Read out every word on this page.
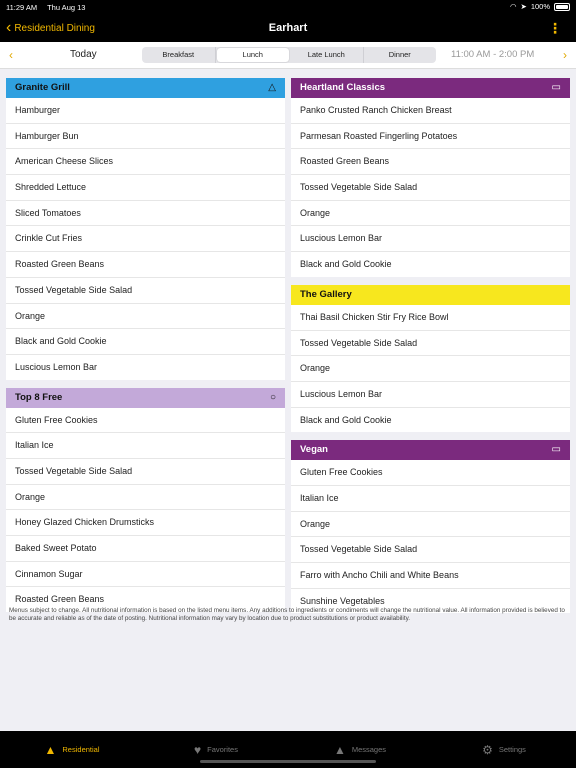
11:29 AM Thu Aug 13	◠ ➤ 100%
‹ Residential Dining	Earhart	⋮
‹	Today	Breakfast	Lunch	Late Lunch	Dinner	11:00 AM - 2:00 PM ›
Granite Grill	△
Hamburger
Hamburger Bun
American Cheese Slices
Shredded Lettuce
Sliced Tomatoes
Crinkle Cut Fries
Roasted Green Beans
Tossed Vegetable Side Salad
Orange
Black and Gold Cookie
Luscious Lemon Bar
Top 8 Free	○
Gluten Free Cookies
Italian Ice
Tossed Vegetable Side Salad
Orange
Honey Glazed Chicken Drumsticks
Baked Sweet Potato
Cinnamon Sugar
Roasted Green Beans
Heartland Classics	▭
Panko Crusted Ranch Chicken Breast
Parmesan Roasted Fingerling Potatoes
Roasted Green Beans
Tossed Vegetable Side Salad
Orange
Luscious Lemon Bar
Black and Gold Cookie
The Gallery
Thai Basil Chicken Stir Fry Rice Bowl
Tossed Vegetable Side Salad
Orange
Luscious Lemon Bar
Black and Gold Cookie
Vegan	▭
Gluten Free Cookies
Italian Ice
Orange
Tossed Vegetable Side Salad
Farro with Ancho Chili and White Beans
Sunshine Vegetables
Menus subject to change. All nutritional information is based on the listed menu items. Any additions to ingredients or condiments will change the nutritional value. All information provided is believed to be accurate and reliable as of the date of posting. Nutritional information may vary by location due to product substitutions or product availability.
▲ Residential	♥ Favorites	▲ Messages	⚙ Settings
